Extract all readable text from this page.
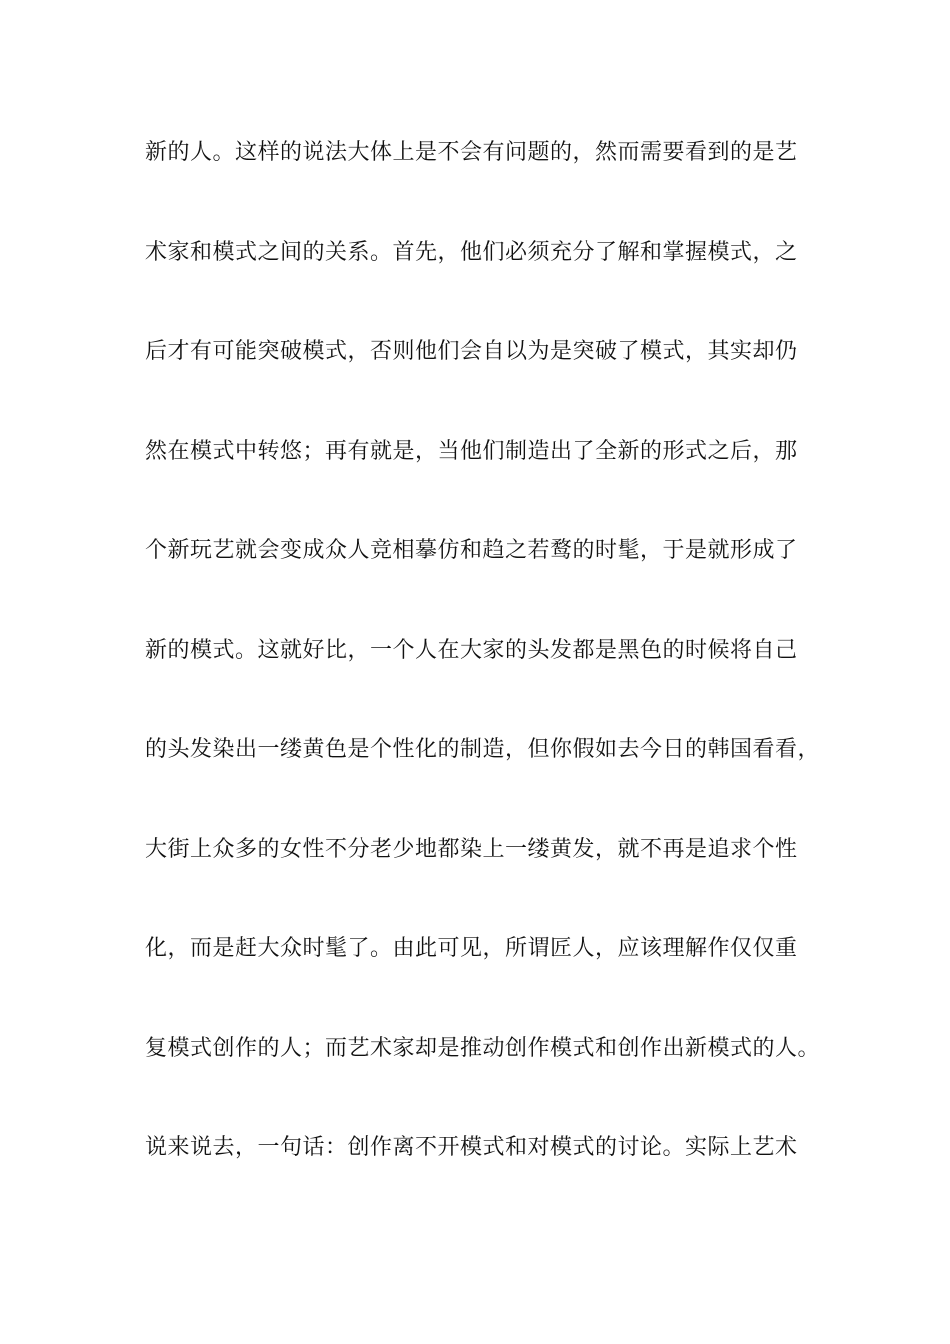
新的人。这样的说法大体上是不会有问题的，然而需要看到的是艺
术家和模式之间的关系。首先，他们必须充分了解和掌握模式，之
后才有可能突破模式，否则他们会自以为是突破了模式，其实却仍
然在模式中转悠；再有就是，当他们制造出了全新的形式之后，那
个新玩艺就会变成众人竞相摹仿和趋之若鹜的时髦，于是就形成了
新的模式。这就好比，一个人在大家的头发都是黑色的时候将自己
的头发染出一缕黄色是个性化的制造，但你假如去今日的韩国看看，
大街上众多的女性不分老少地都染上一缕黄发，就不再是追求个性
化，而是赶大众时髦了。由此可见，所谓匠人，应该理解作仅仅重
复模式创作的人；而艺术家却是推动创作模式和创作出新模式的人。
说来说去，一句话：创作离不开模式和对模式的讨论。实际上艺术
